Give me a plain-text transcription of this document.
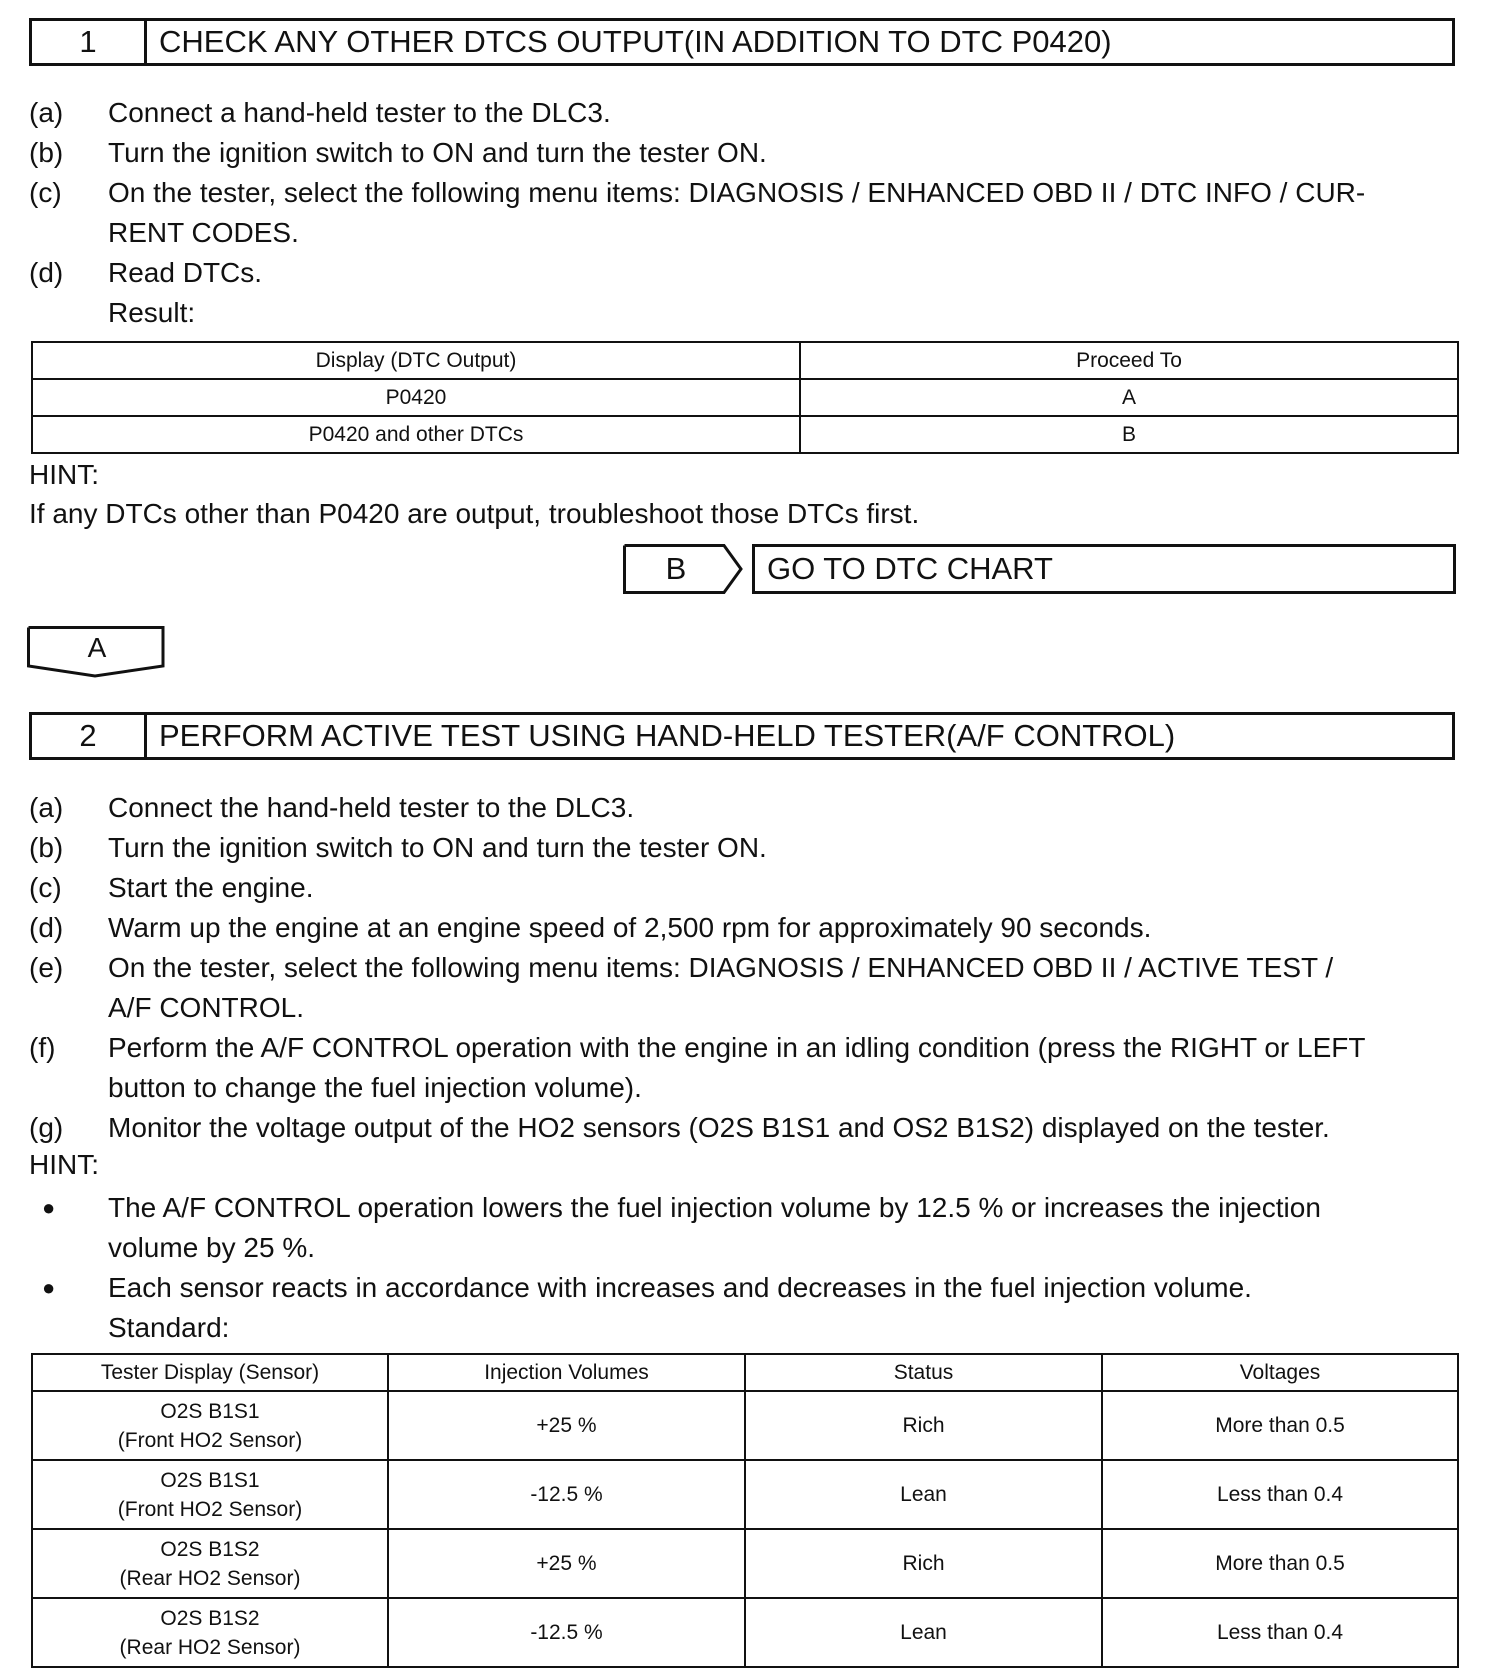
1	CHECK ANY OTHER DTCS OUTPUT(IN ADDITION TO DTC P0420)
(a)	Connect a hand-held tester to the DLC3.
(b)	Turn the ignition switch to ON and turn the tester ON.
(c)	On the tester, select the following menu items: DIAGNOSIS / ENHANCED OBD II / DTC INFO / CUR-
RENT CODES.
(d)	Read DTCs.
Result:
Display (DTC Output)	Proceed To
P0420	A
P0420 and other DTCs	B
HINT:
If any DTCs other than P0420 are output, troubleshoot those DTCs first.
B	GO TO DTC CHART
A
2	PERFORM ACTIVE TEST USING HAND-HELD TESTER(A/F CONTROL)
(a)	Connect the hand-held tester to the DLC3.
(b)	Turn the ignition switch to ON and turn the tester ON.
(c)	Start the engine.
(d)	Warm up the engine at an engine speed of 2,500 rpm for approximately 90 seconds.
(e)	On the tester, select the following menu items: DIAGNOSIS / ENHANCED OBD II / ACTIVE TEST /
A/F CONTROL.
(f)	Perform the A/F CONTROL operation with the engine in an idling condition (press the RIGHT or LEFT
button to change the fuel injection volume).
(g)	Monitor the voltage output of the HO2 sensors (O2S B1S1 and OS2 B1S2) displayed on the tester.
HINT:
●	The A/F CONTROL operation lowers the fuel injection volume by 12.5 % or increases the injection
volume by 25 %.
●	Each sensor reacts in accordance with increases and decreases in the fuel injection volume.
Standard:
Tester Display (Sensor)	Injection Volumes	Status	Voltages

O2S B1S1
(Front HO2 Sensor)	+25 %	Rich	More than 0.5

O2S B1S1
(Front HO2 Sensor)	-12.5 %	Lean	Less than 0.4

O2S B1S2
(Rear HO2 Sensor)	+25 %	Rich	More than 0.5

O2S B1S2
(Rear HO2 Sensor)	-12.5 %	Lean	Less than 0.4
